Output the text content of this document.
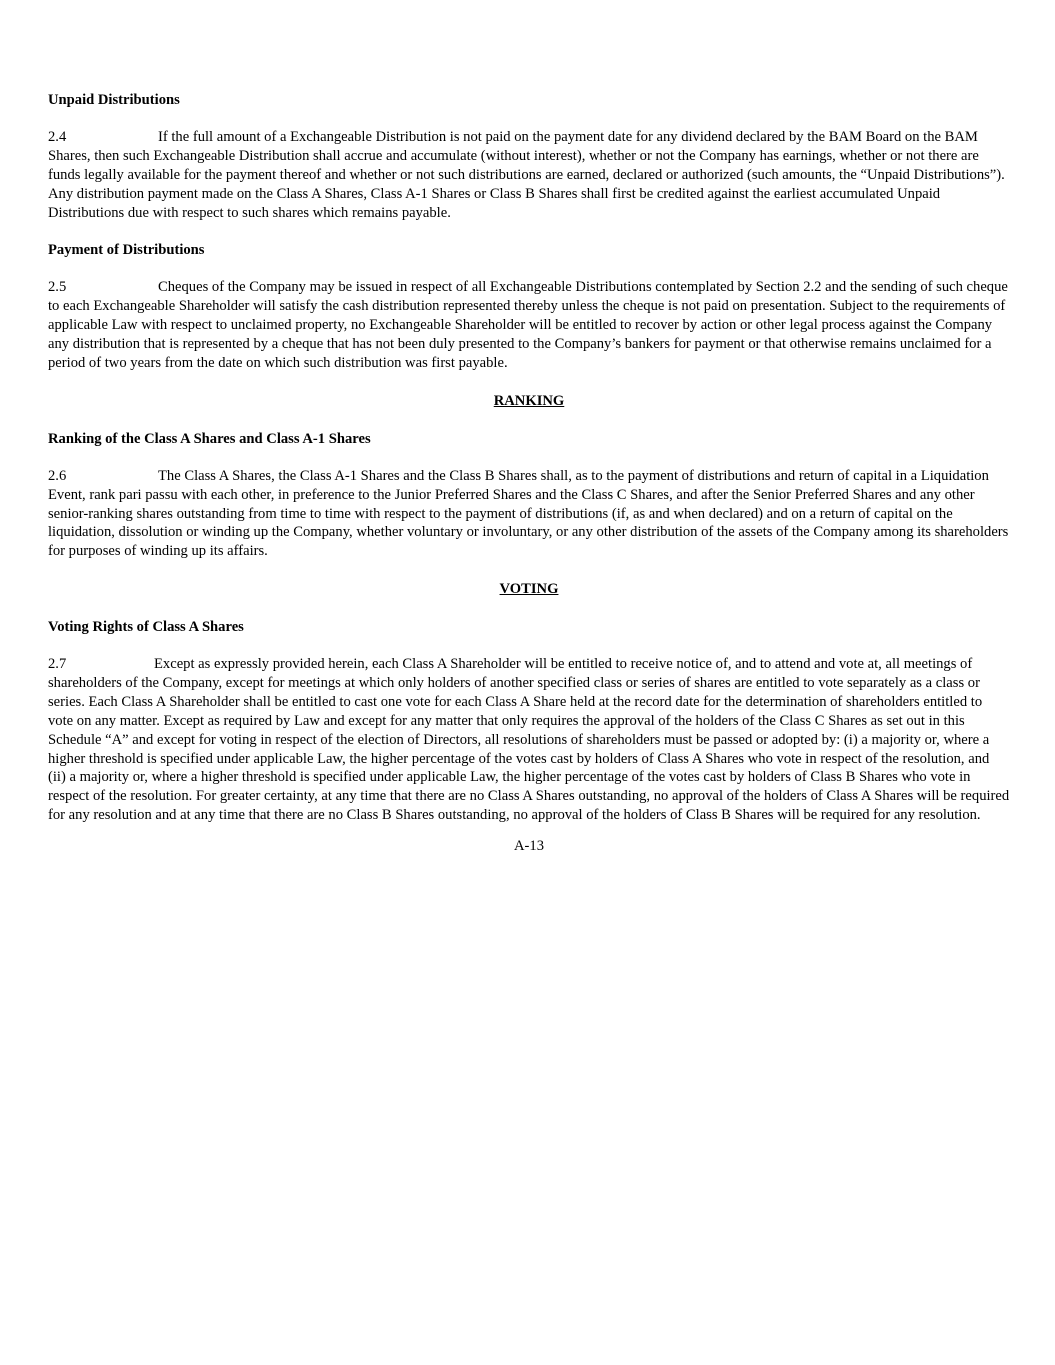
Unpaid Distributions

2.4	If the full amount of a Exchangeable Distribution is not paid on the payment date for any dividend declared by the BAM Board on the BAM Shares, then such Exchangeable Distribution shall accrue and accumulate (without interest), whether or not the Company has earnings, whether or not there are funds legally available for the payment thereof and whether or not such distributions are earned, declared or authorized (such amounts, the “Unpaid Distributions”). Any distribution payment made on the Class A Shares, Class A-1 Shares or Class B Shares shall first be credited against the earliest accumulated Unpaid Distributions due with respect to such shares which remains payable.

Payment of Distributions

2.5	Cheques of the Company may be issued in respect of all Exchangeable Distributions contemplated by Section 2.2 and the sending of such cheque to each Exchangeable Shareholder will satisfy the cash distribution represented thereby unless the cheque is not paid on presentation. Subject to the requirements of applicable Law with respect to unclaimed property, no Exchangeable Shareholder will be entitled to recover by action or other legal process against the Company any distribution that is represented by a cheque that has not been duly presented to the Company’s bankers for payment or that otherwise remains unclaimed for a period of two years from the date on which such distribution was first payable.

RANKING

Ranking of the Class A Shares and Class A-1 Shares

2.6	The Class A Shares, the Class A-1 Shares and the Class B Shares shall, as to the payment of distributions and return of capital in a Liquidation Event, rank pari passu with each other, in preference to the Junior Preferred Shares and the Class C Shares, and after the Senior Preferred Shares and any other senior-ranking shares outstanding from time to time with respect to the payment of distributions (if, as and when declared) and on a return of capital on the liquidation, dissolution or winding up the Company, whether voluntary or involuntary, or any other distribution of the assets of the Company among its shareholders for purposes of winding up its affairs.

VOTING

Voting Rights of Class A Shares

2.7	Except as expressly provided herein, each Class A Shareholder will be entitled to receive notice of, and to attend and vote at, all meetings of shareholders of the Company, except for meetings at which only holders of another specified class or series of shares are entitled to vote separately as a class or series. Each Class A Shareholder shall be entitled to cast one vote for each Class A Share held at the record date for the determination of shareholders entitled to vote on any matter. Except as required by Law and except for any matter that only requires the approval of the holders of the Class C Shares as set out in this Schedule “A” and except for voting in respect of the election of Directors, all resolutions of shareholders must be passed or adopted by: (i) a majority or, where a higher threshold is specified under applicable Law, the higher percentage of the votes cast by holders of Class A Shares who vote in respect of the resolution, and (ii) a majority or, where a higher threshold is specified under applicable Law, the higher percentage of the votes cast by holders of Class B Shares who vote in respect of the resolution. For greater certainty, at any time that there are no Class A Shares outstanding, no approval of the holders of Class A Shares will be required for any resolution and at any time that there are no Class B Shares outstanding, no approval of the holders of Class B Shares will be required for any resolution.

A-13
